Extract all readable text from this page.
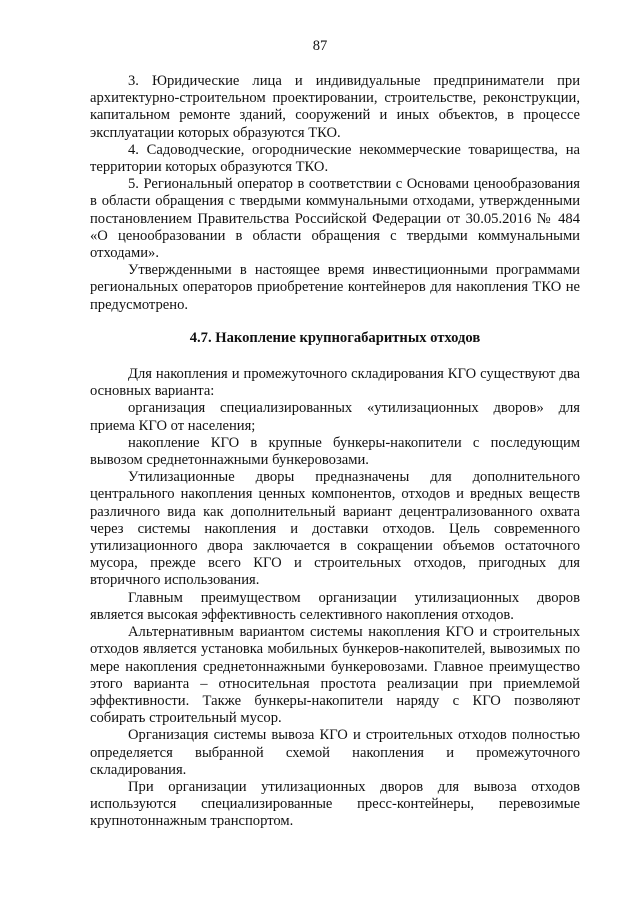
87

3. Юридические лица и индивидуальные предприниматели при архитектурно-строительном проектировании, строительстве, реконструкции, капитальном ремонте зданий, сооружений и иных объектов, в процессе эксплуатации которых образуются ТКО.

4. Садоводческие, огороднические некоммерческие товарищества, на территории которых образуются ТКО.

5. Региональный оператор в соответствии с Основами ценообразования в области обращения с твердыми коммунальными отходами, утвержденными постановлением Правительства Российской Федерации от 30.05.2016 № 484 «О ценообразовании в области обращения с твердыми коммунальными отходами».

Утвержденными в настоящее время инвестиционными программами региональных операторов приобретение контейнеров для накопления ТКО не предусмотрено.

4.7. Накопление крупногабаритных отходов

Для накопления и промежуточного складирования КГО существуют два основных варианта:

организация специализированных «утилизационных дворов» для приема КГО от населения;

накопление КГО в крупные бункеры-накопители с последующим вывозом среднетоннажными бункеровозами.

Утилизационные дворы предназначены для дополнительного центрального накопления ценных компонентов, отходов и вредных веществ различного вида как дополнительный вариант децентрализованного охвата через системы накопления и доставки отходов. Цель современного утилизационного двора заключается в сокращении объемов остаточного мусора, прежде всего КГО и строительных отходов, пригодных для вторичного использования.

Главным преимуществом организации утилизационных дворов является высокая эффективность селективного накопления отходов.

Альтернативным вариантом системы накопления КГО и строительных отходов является установка мобильных бункеров-накопителей, вывозимых по мере накопления среднетоннажными бункеровозами. Главное преимущество этого варианта – относительная простота реализации при приемлемой эффективности. Также бункеры-накопители наряду с КГО позволяют собирать строительный мусор.

Организация системы вывоза КГО и строительных отходов полностью определяется выбранной схемой накопления и промежуточного складирования.

При организации утилизационных дворов для вывоза отходов используются специализированные пресс-контейнеры, перевозимые крупнотоннажным транспортом.
